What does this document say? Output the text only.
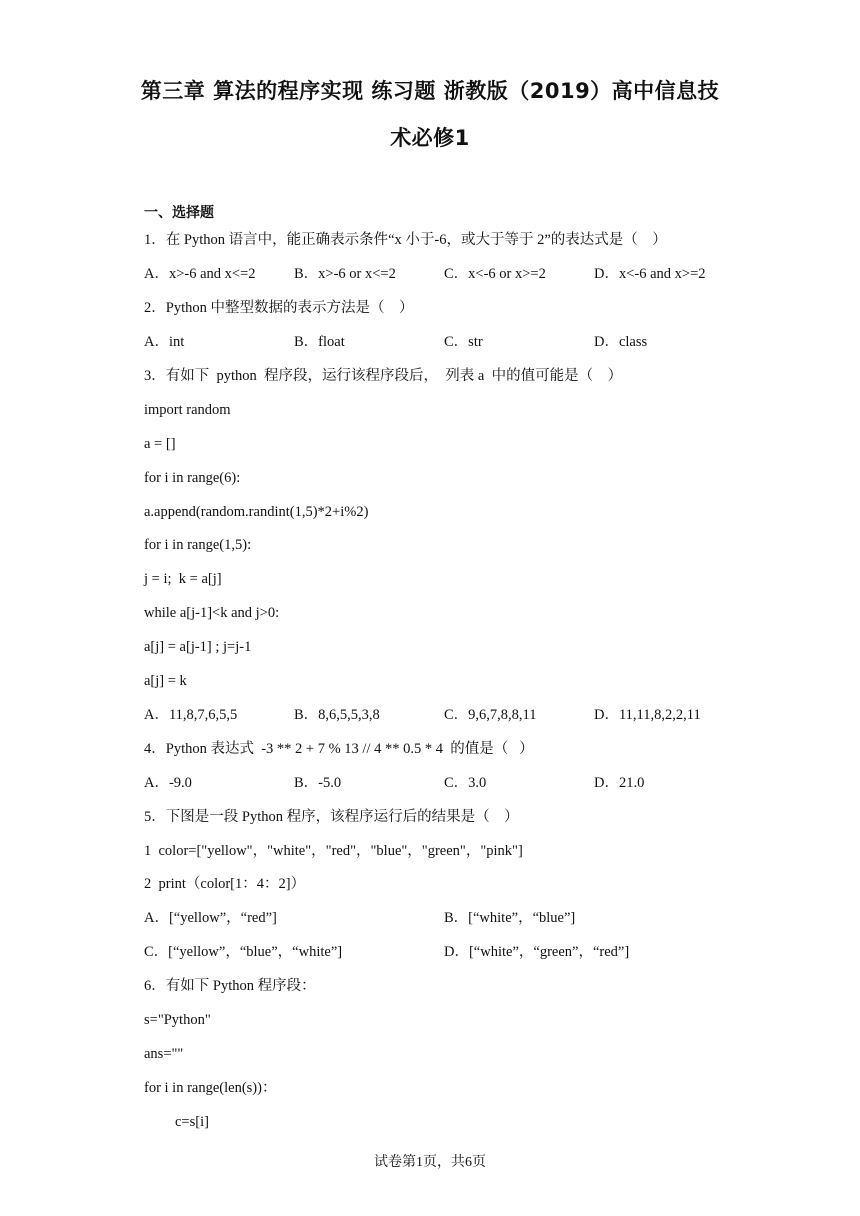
第三章 算法的程序实现 练习题 浙教版（2019）高中信息技
术必修1
一、选择题
1．在 Python 语言中，能正确表示条件“x 小于-6，或大于等于 2”的表达式是（    ）
A．x>-6 and x<=2	B．x>-6 or x<=2	C．x<-6 or x>=2	D．x<-6 and x>=2
2．Python 中整型数据的表示方法是（    ）
A．int	B．float	C．str	D．class
3．有如下  python  程序段，运行该程序段后，  列表 a  中的值可能是（    ）
import random
a = []
for i in range(6):
a.append(random.randint(1,5)*2+i%2)
for i in range(1,5):
j = i;  k = a[j]
while a[j-1]<k and j>0:
a[j] = a[j-1] ; j=j-1
a[j] = k
A．11,8,7,6,5,5	B．8,6,5,5,3,8	C．9,6,7,8,8,11	D．11,11,8,2,2,11
4．Python 表达式  -3 ** 2 + 7 % 13 // 4 ** 0.5 * 4  的值是（   ）
A．-9.0	B．-5.0	C．3.0	D．21.0
5．下图是一段 Python 程序，该程序运行后的结果是（    ）
1  color=["yellow"，"white"，"red"，"blue"，"green"，"pink"]
2  print（color[1：4：2]）
A．[“yellow”，“red”]	B．[“white”，“blue”]
C．[“yellow”，“blue”，“white”]	D．[“white”，“green”，“red”]
6．有如下 Python 程序段：
s="Python"
ans=""
for i in range(len(s))：
c=s[i]
试卷第1页，共6页
